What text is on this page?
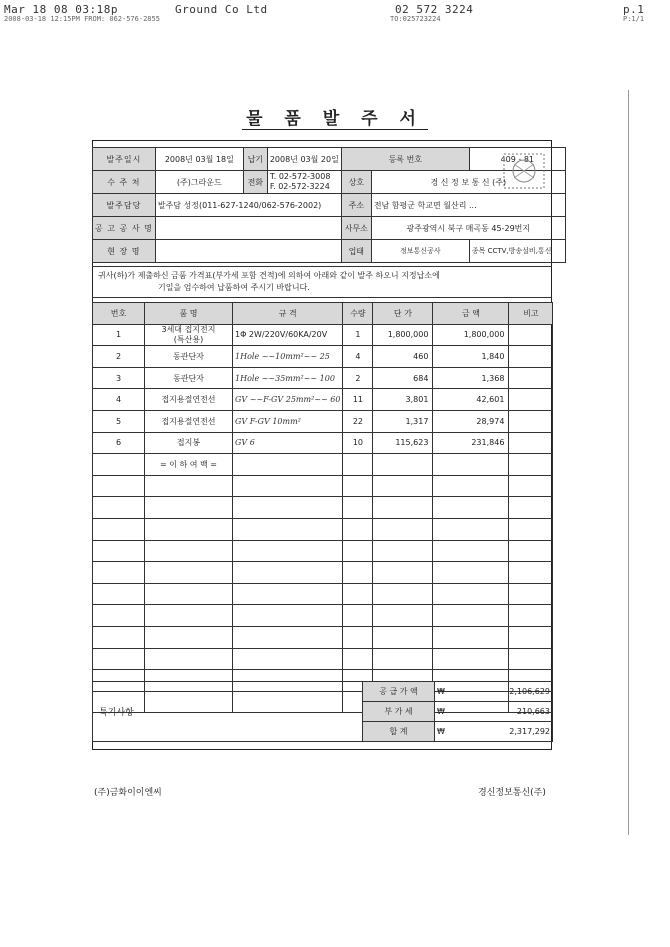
Mar 18 08 03:18p	Ground Co Ltd	02 572 3224	p.1
2008-03-18 12:15PM FROM: 062-576-2855	TO:025723224	P:1/1
물 품 발 주 서
발주일시	2008년 03월 18일	납기	2008년 03월 20일	등록 번호		409 - 81
수 주 처	(주)그라운드	전화	T. 02-572-3008
F. 02-572-3224	상호	경 신 정 보 통 신 (주)	
발주담당	발주담 성정(011-627-1240/062-576-2002)			주소	전남 함평군 학교면 월산리 ...	
공 고 공 사 명				사무소	광주광역시 북구 매곡동 45-29번지	
현 장 명				업태	정보통신공사	종목 CCTV,방송설비,통신
귀사(하)가 제출하신 금품 가격표(부가세 포함 견적)에 의하여 아래와 같이 발주 하오니 지정납소에
기일을 엄수하여 납품하여 주시기 바랍니다.
번호	품 명	규 격	수량	단 가	금 액	비고
1	3세대 접지전지
(특산용)	1Φ 2W/220V/60KA/20V	1	1,800,000	1,800,000	
2	동관단자	1Hole ~~10mm²~~ 25	4	460	1,840	
3	동관단자	1Hole ~~35mm²~~ 100	2	684	1,368	
4	접지용절연전선	GV ~~F-GV 25mm²~~ 60	11	3,801	42,601	
5	접지용절연전선	GV F-GV 10mm²	22	1,317	28,974	
6	접지봉	GV 6	10	115,623	231,846	
	= 이 하 여 백 =					

특기사항	공 급 가 액	₩ 2,106,629

	부 가 세	₩ 210,663

	합 계	₩ 2,317,292
(주)금화이이엔씨	경신정보통신(주)
